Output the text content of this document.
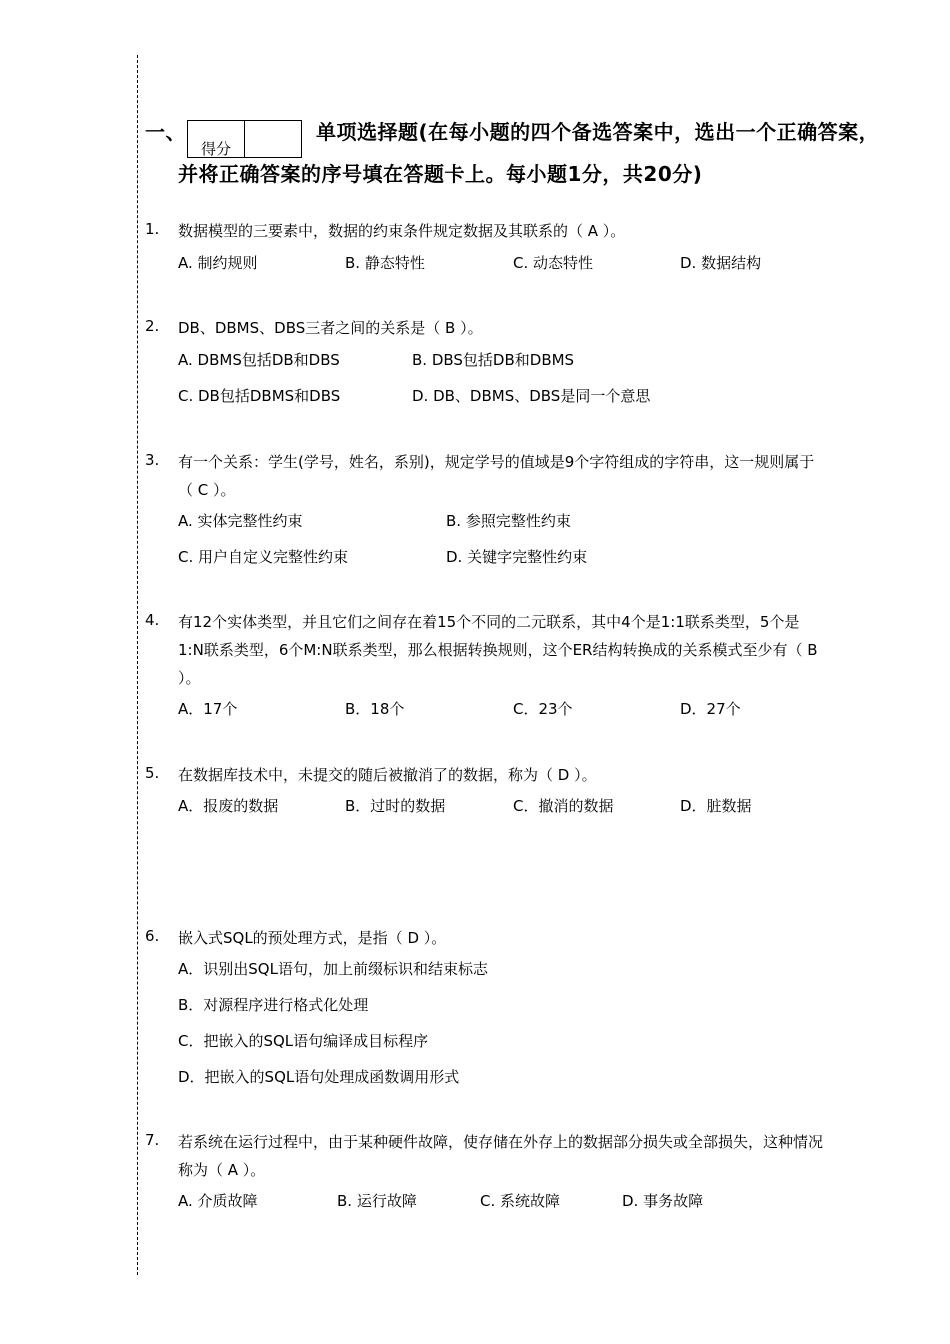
一、	单项选择题(在每小题的四个备选答案中，选出一个正确答案，
得分
并将正确答案的序号填在答题卡上。每小题1分，共20分)
1. 数据模型的三要素中，数据的约束条件规定数据及其联系的（ A ）。
A. 制约规则	B. 静态特性	C. 动态特性	D. 数据结构
2. DB、DBMS、DBS三者之间的关系是（ B ）。
A. DBMS包括DB和DBS	B. DBS包括DB和DBMS
C. DB包括DBMS和DBS	D. DB、DBMS、DBS是同一个意思
3. 有一个关系：学生(学号，姓名，系别)，规定学号的值域是9个字符组成的字符串，这一规则属于
（ C ）。
A. 实体完整性约束	B. 参照完整性约束
C. 用户自定义完整性约束	D. 关键字完整性约束
4. 有12个实体类型，并且它们之间存在着15个不同的二元联系，其中4个是1:1联系类型，5个是
1:N联系类型，6个M:N联系类型，那么根据转换规则，这个ER结构转换成的关系模式至少有（ B
）。
A．17个	B．18个	C．23个	D．27个
5. 在数据库技术中，未提交的随后被撤消了的数据，称为（ D ）。
A．报废的数据	B．过时的数据	C．撤消的数据	D．脏数据
6. 嵌入式SQL的预处理方式，是指（ D ）。
A．识别出SQL语句，加上前缀标识和结束标志
B．对源程序进行格式化处理
C．把嵌入的SQL语句编译成目标程序
D．把嵌入的SQL语句处理成函数调用形式
7. 若系统在运行过程中，由于某种硬件故障，使存储在外存上的数据部分损失或全部损失，这种情况
称为（ A ）。
A. 介质故障	B. 运行故障	C. 系统故障	D. 事务故障
